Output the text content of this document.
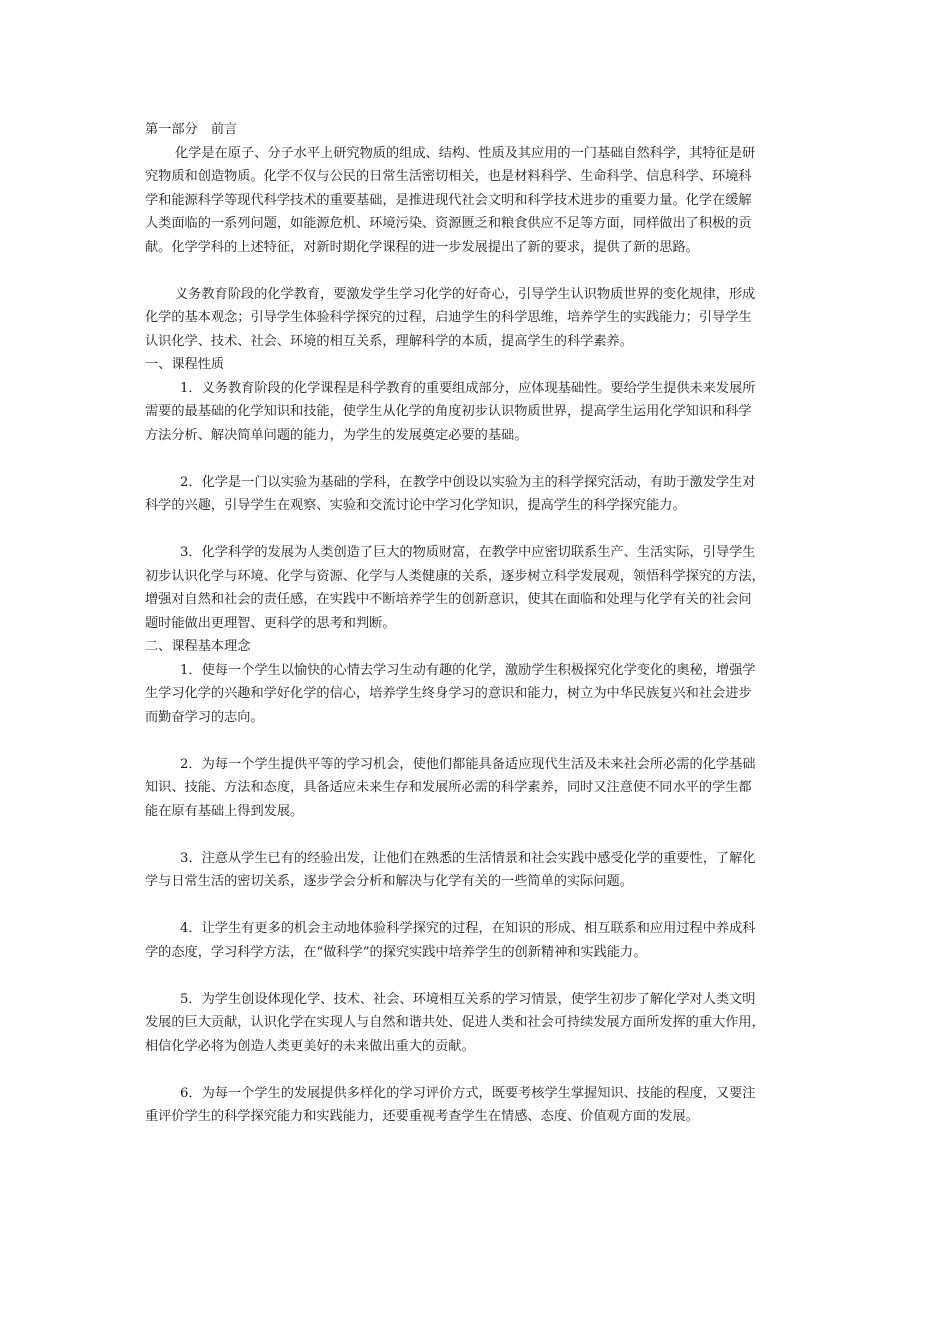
第一部分　前言
化学是在原子、分子水平上研究物质的组成、结构、性质及其应用的一门基础自然科学，其特征是研
究物质和创造物质。化学不仅与公民的日常生活密切相关，也是材料科学、生命科学、信息科学、环境科
学和能源科学等现代科学技术的重要基础，是推进现代社会文明和科学技术进步的重要力量。化学在缓解
人类面临的一系列问题，如能源危机、环境污染、资源匮乏和粮食供应不足等方面，同样做出了积极的贡
献。化学学科的上述特征，对新时期化学课程的进一步发展提出了新的要求，提供了新的思路。
义务教育阶段的化学教育，要激发学生学习化学的好奇心，引导学生认识物质世界的变化规律，形成
化学的基本观念；引导学生体验科学探究的过程，启迪学生的科学思维，培养学生的实践能力；引导学生
认识化学、技术、社会、环境的相互关系，理解科学的本质，提高学生的科学素养。
一、课程性质
1．义务教育阶段的化学课程是科学教育的重要组成部分，应体现基础性。要给学生提供未来发展所
需要的最基础的化学知识和技能，使学生从化学的角度初步认识物质世界，提高学生运用化学知识和科学
方法分析、解决简单问题的能力，为学生的发展奠定必要的基础。
2．化学是一门以实验为基础的学科，在教学中创设以实验为主的科学探究活动，有助于激发学生对
科学的兴趣，引导学生在观察、实验和交流讨论中学习化学知识，提高学生的科学探究能力。
3．化学科学的发展为人类创造了巨大的物质财富，在教学中应密切联系生产、生活实际，引导学生
初步认识化学与环境、化学与资源、化学与人类健康的关系，逐步树立科学发展观，领悟科学探究的方法，
增强对自然和社会的责任感，在实践中不断培养学生的创新意识，使其在面临和处理与化学有关的社会问
题时能做出更理智、更科学的思考和判断。
二、课程基本理念
1．使每一个学生以愉快的心情去学习生动有趣的化学，激励学生积极探究化学变化的奥秘，增强学
生学习化学的兴趣和学好化学的信心，培养学生终身学习的意识和能力，树立为中华民族复兴和社会进步
而勤奋学习的志向。
2．为每一个学生提供平等的学习机会，使他们都能具备适应现代生活及未来社会所必需的化学基础
知识、技能、方法和态度，具备适应未来生存和发展所必需的科学素养，同时又注意使不同水平的学生都
能在原有基础上得到发展。
3．注意从学生已有的经验出发，让他们在熟悉的生活情景和社会实践中感受化学的重要性，了解化
学与日常生活的密切关系，逐步学会分析和解决与化学有关的一些简单的实际问题。
4．让学生有更多的机会主动地体验科学探究的过程，在知识的形成、相互联系和应用过程中养成科
学的态度，学习科学方法，在“做科学”的探究实践中培养学生的创新精神和实践能力。
5．为学生创设体现化学、技术、社会、环境相互关系的学习情景，使学生初步了解化学对人类文明
发展的巨大贡献，认识化学在实现人与自然和谐共处、促进人类和社会可持续发展方面所发挥的重大作用，
相信化学必将为创造人类更美好的未来做出重大的贡献。
6．为每一个学生的发展提供多样化的学习评价方式，既要考核学生掌握知识、技能的程度，又要注
重评价学生的科学探究能力和实践能力，还要重视考查学生在情感、态度、价值观方面的发展。
